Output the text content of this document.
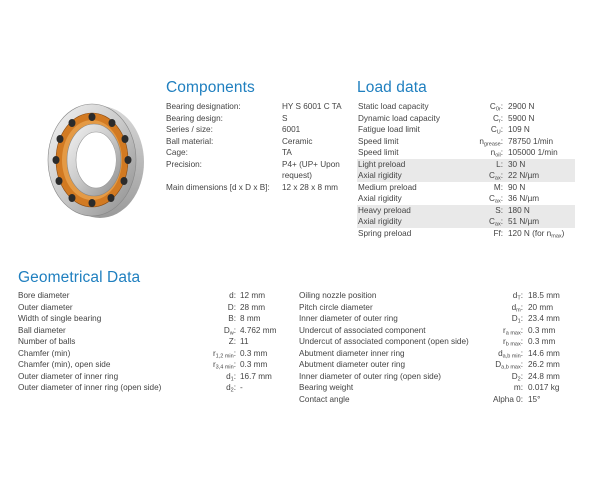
Components
Bearing designation:	HY S 6001 C TA
Bearing design:	S
Series / size:	6001
Ball material:	Ceramic
Cage:	TA
Precision:	P4+ (UP+ Upon
request)
Main dimensions [d x D x B]: 12 x 28 x 8 mm
Load data
Static load capacity	$C_{0r}$: 2900 N
Dynamic load capacity	$C_r$: 5900 N
Fatigue load limit	$C_U$: 109 N
Speed limit	$n_{grease}$: 78750 1/min
Speed limit	$n_{oil}$: 105000 1/min
Light preload	L: 30 N
Axial rigidity	$C_{ax}$: 22 N/µm
Medium preload	M: 90 N
Axial rigidity	$C_{ax}$: 36 N/µm
Heavy preload	S: 180 N
Axial rigidity	$C_{ax}$: 51 N/µm
Spring preload	Ff: 120 N (for $n_{max}$)
Geometrical Data
Bore diameter	d: 12 mm
Outer diameter	D: 28 mm
Width of single bearing	B: 8 mm
Ball diameter	$D_w$: 4.762 mm
Number of balls	Z: 11
Chamfer (min)	$r_{1,2 min}$: 0.3 mm
Chamfer (min), open side	$r_{3,4 min}$: 0.3 mm
Outer diameter of inner ring	$d_1$: 16.7 mm
Outer diameter of inner ring (open side)	$d_2$: -
Oiling nozzle position	$d_T$: 18.5 mm
Pitch circle diameter	$d_m$: 20 mm
Inner diameter of outer ring	$D_1$: 23.4 mm
Undercut of associated component	$r_{a max}$: 0.3 mm
Undercut of associated component (open side)	$r_{b max}$: 0.3 mm
Abutment diameter inner ring	$d_{a,b min}$: 14.6 mm
Abutment diameter outer ring	$D_{a,b max}$: 26.2 mm
Inner diameter of outer ring (open side)	$D_2$: 24.8 mm
Bearing weight	m: 0.017 kg
Contact angle	Alpha 0: 15°
